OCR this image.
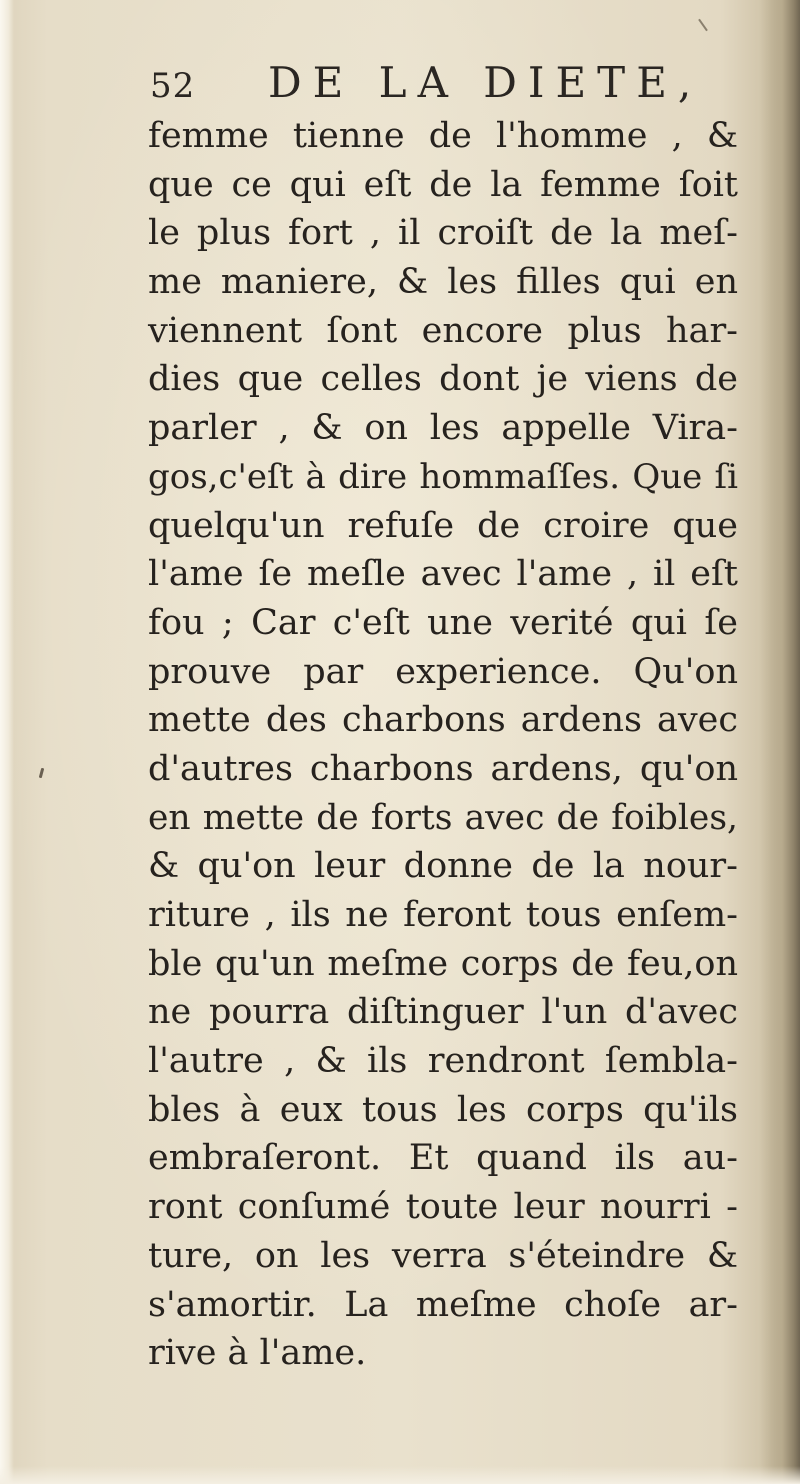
52 DE LA DIETE,
femme tienne de l'homme , &
que ce qui eſt de la femme ſoit
le plus fort , il croiſt de la meſ-
me maniere, & les filles qui en
viennent ſont encore plus har-
dies que celles dont je viens de
parler , & on les appelle Vira-
gos,c'eſt à dire hommaſſes. Que ſi
quelqu'un refuſe de croire que
l'ame ſe meſle avec l'ame , il eſt
fou ; Car c'eſt une verité qui ſe
prouve par experience. Qu'on
mette des charbons ardens avec
d'autres charbons ardens, qu'on
en mette de forts avec de foibles,
& qu'on leur donne de la nour-
riture , ils ne feront tous enſem-
ble qu'un meſme corps de feu,on
ne pourra diſtinguer l'un d'avec
l'autre , & ils rendront ſembla-
bles à eux tous les corps qu'ils
embraſeront. Et quand ils au-
ront conſumé toute leur nourri -
ture, on les verra s'éteindre &
s'amortir. La meſme choſe ar-
rive à l'ame.
